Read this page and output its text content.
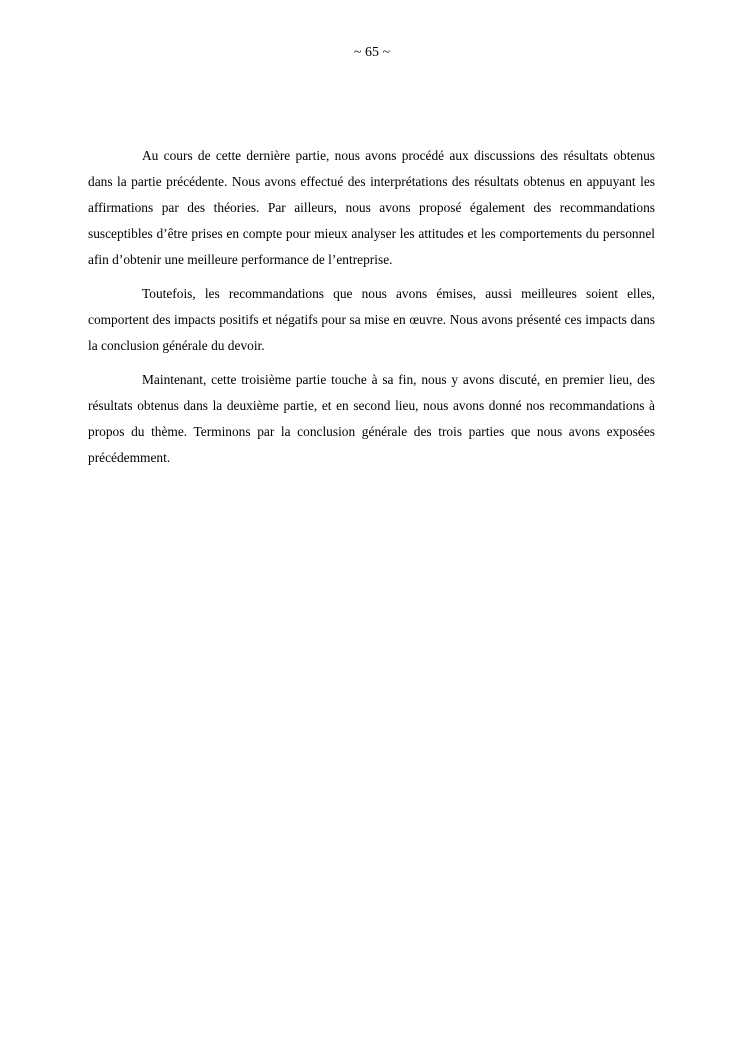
~ 65 ~

Au cours de cette dernière partie, nous avons procédé aux discussions des résultats obtenus dans la partie précédente. Nous avons effectué des interprétations des résultats obtenus en appuyant les affirmations par des théories. Par ailleurs, nous avons proposé également des recommandations susceptibles d’être prises en compte pour mieux analyser les attitudes et les comportements du personnel afin d’obtenir une meilleure performance de l’entreprise.

Toutefois, les recommandations que nous avons émises, aussi meilleures soient elles, comportent des impacts positifs et négatifs pour sa mise en œuvre. Nous avons présenté ces impacts dans la conclusion générale du devoir.

Maintenant, cette troisième partie touche à sa fin, nous y avons discuté, en premier lieu, des résultats obtenus dans la deuxième partie, et en second lieu, nous avons donné nos recommandations à propos du thème. Terminons par la conclusion générale des trois parties que nous avons exposées précédemment.
